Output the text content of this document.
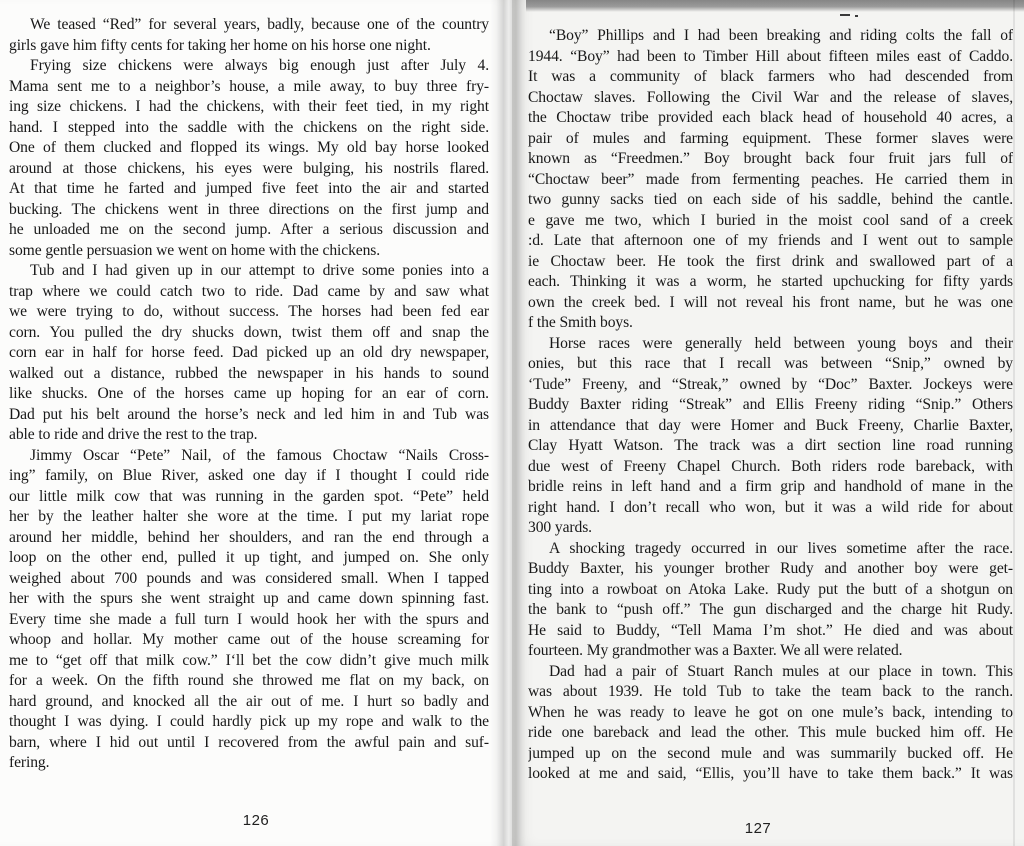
We teased “Red” for several years, badly, because one of the country
girls gave him fifty cents for taking her home on his horse one night.
Frying size chickens were always big enough just after July 4.
Mama sent me to a neighbor’s house, a mile away, to buy three fry-
ing size chickens. I had the chickens, with their feet tied, in my right
hand. I stepped into the saddle with the chickens on the right side.
One of them clucked and flopped its wings. My old bay horse looked
around at those chickens, his eyes were bulging, his nostrils flared.
At that time he farted and jumped five feet into the air and started
bucking. The chickens went in three directions on the first jump and
he unloaded me on the second jump. After a serious discussion and
some gentle persuasion we went on home with the chickens.
Tub and I had given up in our attempt to drive some ponies into a
trap where we could catch two to ride. Dad came by and saw what
we were trying to do, without success. The horses had been fed ear
corn. You pulled the dry shucks down, twist them off and snap the
corn ear in half for horse feed. Dad picked up an old dry newspaper,
walked out a distance, rubbed the newspaper in his hands to sound
like shucks. One of the horses came up hoping for an ear of corn.
Dad put his belt around the horse’s neck and led him in and Tub was
able to ride and drive the rest to the trap.
Jimmy Oscar “Pete” Nail, of the famous Choctaw “Nails Cross-
ing” family, on Blue River, asked one day if I thought I could ride
our little milk cow that was running in the garden spot. “Pete” held
her by the leather halter she wore at the time. I put my lariat rope
around her middle, behind her shoulders, and ran the end through a
loop on the other end, pulled it up tight, and jumped on. She only
weighed about 700 pounds and was considered small. When I tapped
her with the spurs she went straight up and came down spinning fast.
Every time she made a full turn I would hook her with the spurs and
whoop and hollar. My mother came out of the house screaming for
me to “get off that milk cow.” I‘ll bet the cow didn’t give much milk
for a week. On the fifth round she throwed me flat on my back, on
hard ground, and knocked all the air out of me. I hurt so badly and
thought I was dying. I could hardly pick up my rope and walk to the
barn, where I hid out until I recovered from the awful pain and suf-
fering.
126
“Boy” Phillips and I had been breaking and riding colts the fall of
1944. “Boy” had been to Timber Hill about fifteen miles east of Caddo.
It was a community of black farmers who had descended from
Choctaw slaves. Following the Civil War and the release of slaves,
the Choctaw tribe provided each black head of household 40 acres, a
pair of mules and farming equipment. These former slaves were
known as “Freedmen.” Boy brought back four fruit jars full of
“Choctaw beer” made from fermenting peaches. He carried them in
two gunny sacks tied on each side of his saddle, behind the cantle.
e gave me two, which I buried in the moist cool sand of a creek
:d. Late that afternoon one of my friends and I went out to sample
ie Choctaw beer. He took the first drink and swallowed part of a
each. Thinking it was a worm, he started upchucking for fifty yards
own the creek bed. I will not reveal his front name, but he was one
f the Smith boys.
Horse races were generally held between young boys and their
onies, but this race that I recall was between “Snip,” owned by
‘Tude” Freeny, and “Streak,” owned by “Doc” Baxter. Jockeys were
Buddy Baxter riding “Streak” and Ellis Freeny riding “Snip.” Others
in attendance that day were Homer and Buck Freeny, Charlie Baxter,
Clay Hyatt Watson. The track was a dirt section line road running
due west of Freeny Chapel Church. Both riders rode bareback, with
bridle reins in left hand and a firm grip and handhold of mane in the
right hand. I don’t recall who won, but it was a wild ride for about
300 yards.
A shocking tragedy occurred in our lives sometime after the race.
Buddy Baxter, his younger brother Rudy and another boy were get-
ting into a rowboat on Atoka Lake. Rudy put the butt of a shotgun on
the bank to “push off.” The gun discharged and the charge hit Rudy.
He said to Buddy, “Tell Mama I’m shot.” He died and was about
fourteen. My grandmother was a Baxter. We all were related.
Dad had a pair of Stuart Ranch mules at our place in town. This
was about 1939. He told Tub to take the team back to the ranch.
When he was ready to leave he got on one mule’s back, intending to
ride one bareback and lead the other. This mule bucked him off. He
jumped up on the second mule and was summarily bucked off. He
looked at me and said, “Ellis, you’ll have to take them back.” It was
127
